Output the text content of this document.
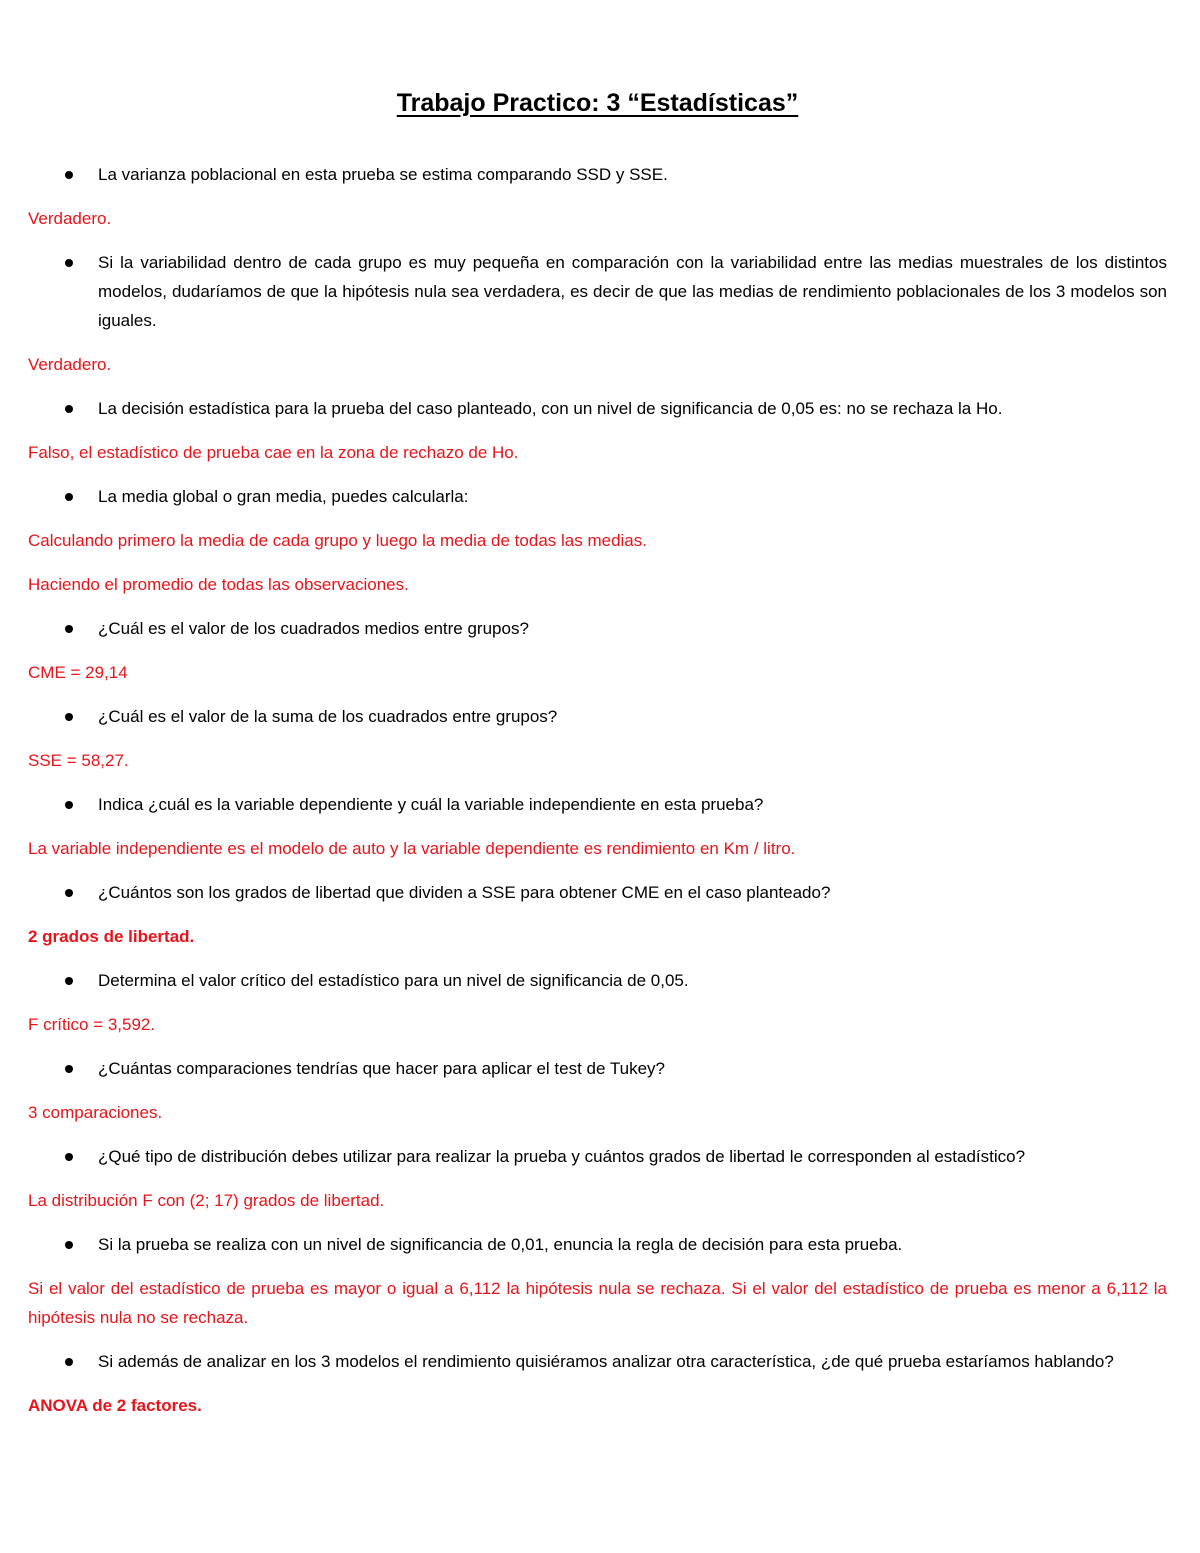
Trabajo Practico: 3 “Estadísticas”
La varianza poblacional en esta prueba se estima comparando SSD y SSE.
Verdadero.
Si la variabilidad dentro de cada grupo es muy pequeña en comparación con la variabilidad entre las medias muestrales de los distintos modelos, dudaríamos de que la hipótesis nula sea verdadera, es decir de que las medias de rendimiento poblacionales de los 3 modelos son iguales.
Verdadero.
La decisión estadística para la prueba del caso planteado, con un nivel de significancia de 0,05 es: no se rechaza la Ho.
Falso, el estadístico de prueba cae en la zona de rechazo de Ho.
La media global o gran media, puedes calcularla:
Calculando primero la media de cada grupo y luego la media de todas las medias.
Haciendo el promedio de todas las observaciones.
¿Cuál es el valor de los cuadrados medios entre grupos?
CME = 29,14
¿Cuál es el valor de la suma de los cuadrados entre grupos?
SSE = 58,27.
Indica ¿cuál es la variable dependiente y cuál la variable independiente en esta prueba?
La variable independiente es el modelo de auto y la variable dependiente es rendimiento en Km / litro.
¿Cuántos son los grados de libertad que dividen a SSE para obtener CME en el caso planteado?
2 grados de libertad.
Determina el valor crítico del estadístico para un nivel de significancia de 0,05.
F crítico = 3,592.
¿Cuántas comparaciones tendrías que hacer para aplicar el test de Tukey?
3 comparaciones.
¿Qué tipo de distribución debes utilizar para realizar la prueba y cuántos grados de libertad le corresponden al estadístico?
La distribución F con (2; 17) grados de libertad.
Si la prueba se realiza con un nivel de significancia de 0,01, enuncia la regla de decisión para esta prueba.
Si el valor del estadístico de prueba es mayor o igual a 6,112 la hipótesis nula se rechaza. Si el valor del estadístico de prueba es menor a 6,112 la hipótesis nula no se rechaza.
Si además de analizar en los 3 modelos el rendimiento quisiéramos analizar otra característica, ¿de qué prueba estaríamos hablando?
ANOVA de 2 factores.
